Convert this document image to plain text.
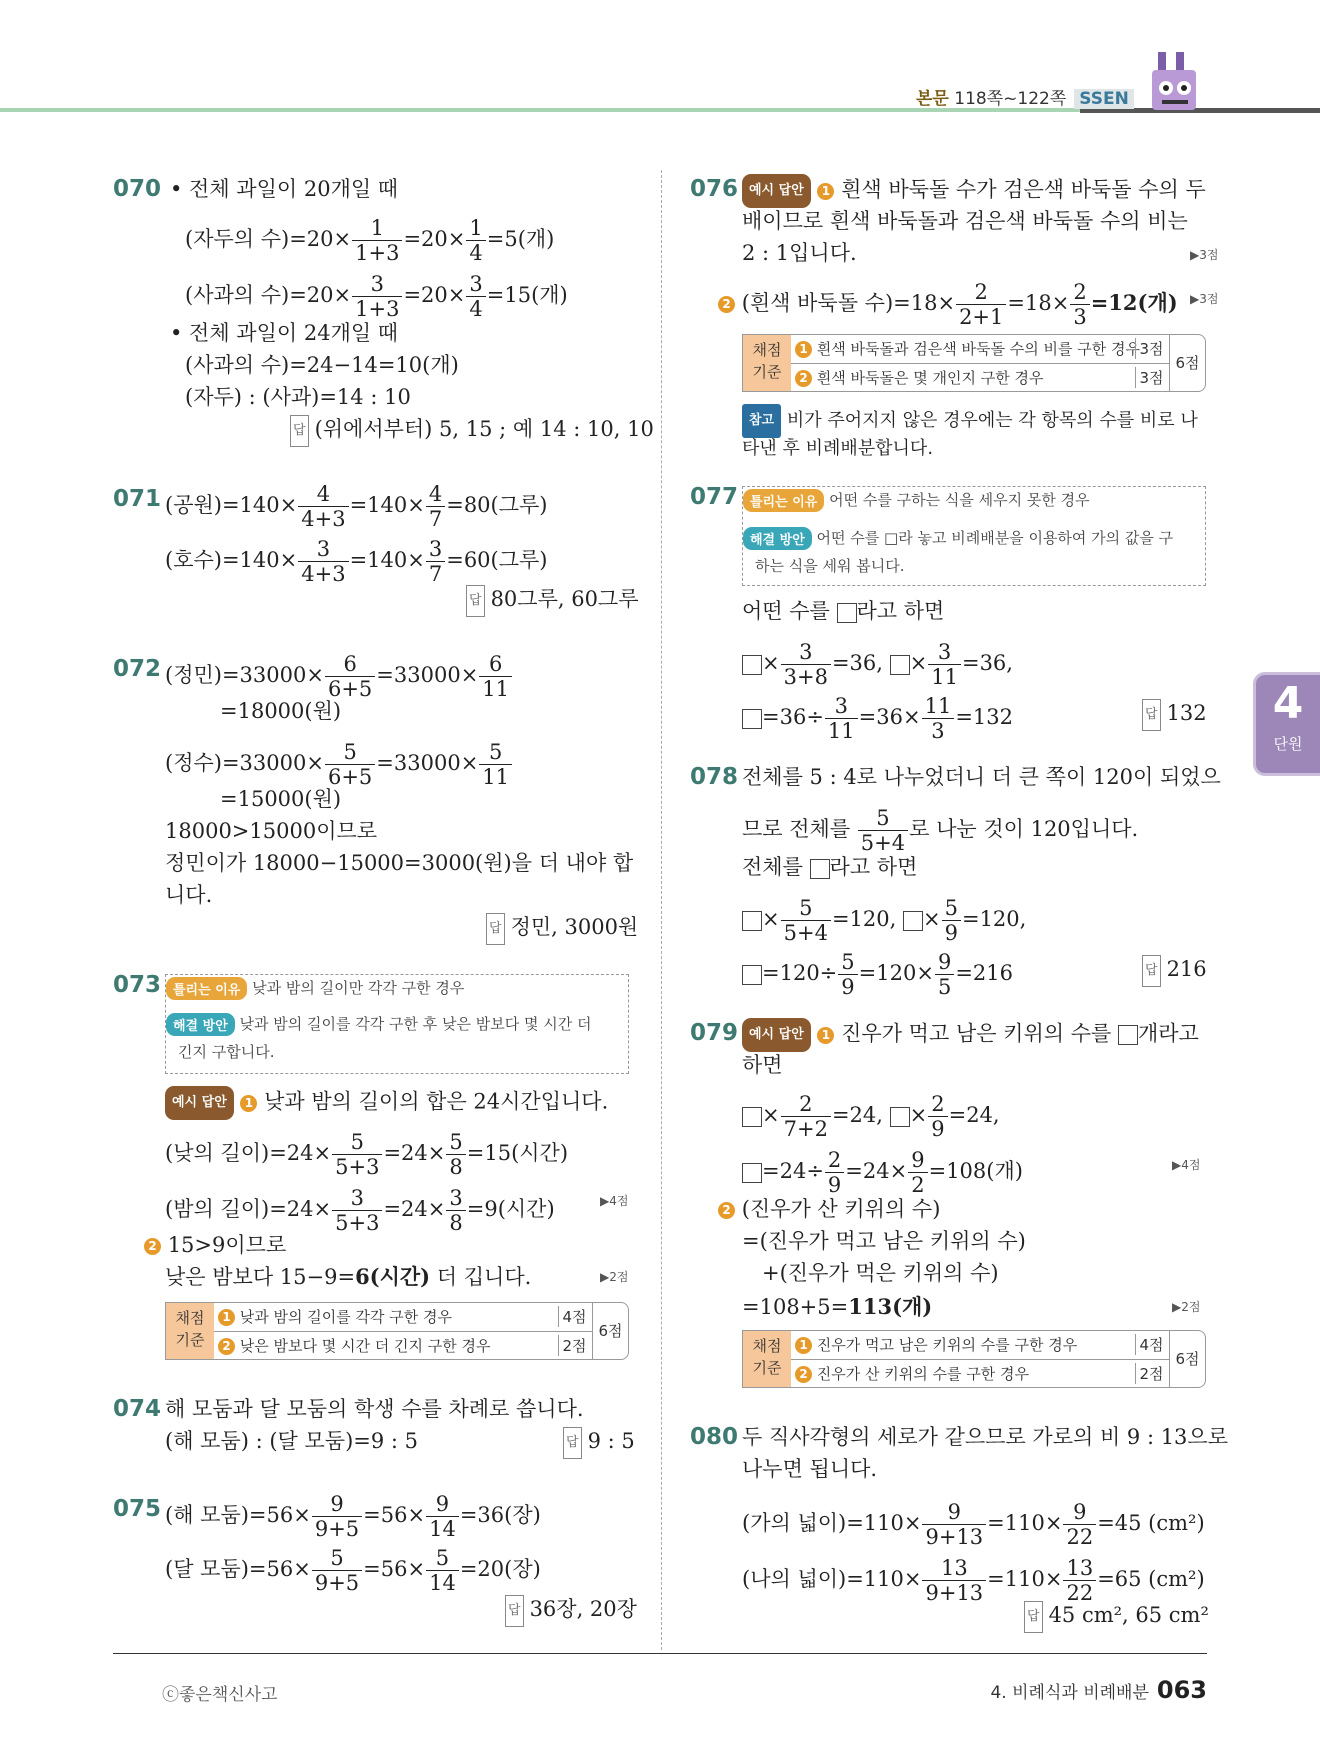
본문 118쪽~122쪽 SSEN
4
단원
070 • 전체 과일이 20개일 때
(자두의 수)$=20\times \frac{1}{1+3} =20\times \frac{1}{4} =5$(개)
(사과의 수)$=20\times \frac{3}{1+3} =20\times \frac{3}{4} =15$(개)
• 전체 과일이 24개일 때
(사과의 수)=24−14=10(개)
(자두) : (사과)=14 : 10
답 (위에서부터) 5, 15 ; 예 14 : 10, 10
071 (공원)$=140\times \frac{4}{4+3} =140\times \frac{4}{7} =80$(그루)
(호수)$=140\times \frac{3}{4+3} =140\times \frac{3}{7} =60$(그루)
답 80그루, 60그루
072 (정민)$=33000\times \frac{6}{6+5} =33000\times \frac{6}{11}$
=18000(원)
(정수)$=33000\times \frac{5}{6+5} =33000\times \frac{5}{11}$
=15000(원)
18000>15000이므로
정민이가 18000−15000=3000(원)을 더 내야 합
니다.
답 정민, 3000원
073 틀리는 이유 낮과 밤의 길이만 각각 구한 경우
해결 방안 낮과 밤의 길이를 각각 구한 후 낮은 밤보다 몇 시간 더
긴지 구합니다.
예시 답안 1 낮과 밤의 길이의 합은 24시간입니다.
(낮의 길이)$=24\times \frac{5}{5+3} =24\times \frac{5}{8} =15$(시간)
(밤의 길이)$=24\times \frac{3}{5+3} =24\times \frac{3}{8} =9$(시간)	▶4점
2 15>9이므로
낮은 밤보다 15−9=6(시간) 더 깁니다.	▶2점
채점 기준
1 낮과 밤의 길이를 각각 구한 경우	4점
2 낮은 밤보다 몇 시간 더 긴지 구한 경우	2점
6점
074 해 모둠과 달 모둠의 학생 수를 차례로 씁니다.
(해 모둠) : (달 모둠)=9 : 5	답 9 : 5
075 (해 모둠)$=56\times \frac{9}{9+5} =56\times \frac{9}{14} =36$(장)
(달 모둠)$=56\times \frac{5}{9+5} =56\times \frac{5}{14} =20$(장)
답 36장, 20장
076 예시 답안 1 흰색 바둑돌 수가 검은색 바둑돌 수의 두
배이므로 흰색 바둑돌과 검은색 바둑돌 수의 비는
2 : 1입니다.	▶3점
2 (흰색 바둑돌 수)$=18\times \frac{2}{2+1} =18\times \frac{2}{3} =12$(개) ▶3점
채점 기준
1 흰색 바둑돌과 검은색 바둑돌 수의 비를 구한 경우 3점
2 흰색 바둑돌은 몇 개인지 구한 경우	3점
6점
참고 비가 주어지지 않은 경우에는 각 항목의 수를 비로 나
타낸 후 비례배분합니다.
077 틀리는 이유 어떤 수를 구하는 식을 세우지 못한 경우
해결 방안 어떤 수를 □라 놓고 비례배분을 이용하여 가의 값을 구
하는 식을 세워 봅니다.
어떤 수를 라고 하면
× $\frac{3}{3+8} =36$, × $\frac{3}{11} =36$,
$=36\div \frac{3}{11} =36\times \frac{11}{3} =132$	답 132
078 전체를 5 : 4로 나누었더니 더 큰 쪽이 120이 되었으
므로 전체를 $\frac{5}{5+4}$ 로 나눈 것이 120입니다.
전체를 라고 하면
× $\frac{5}{5+4} =120$, × $\frac{5}{9} =120$,
$=120\div \frac{5}{9} =120\times \frac{9}{5} =216$	답 216
079 예시 답안 1 진우가 먹고 남은 키위의 수를 개라고
하면
× $\frac{2}{7+2} =24$, × $\frac{2}{9} =24$,
$=24\div \frac{2}{9} =24\times \frac{9}{2} =108$(개)	▶4점
2 (진우가 산 키위의 수)
=(진우가 먹고 남은 키위의 수)
+(진우가 먹은 키위의 수)
=108+5=113(개)	▶2점
채점 기준
1 진우가 먹고 남은 키위의 수를 구한 경우	4점
2 진우가 산 키위의 수를 구한 경우	2점
6점
080 두 직사각형의 세로가 같으므로 가로의 비 9 : 13으로
나누면 됩니다.
(가의 넓이)$=110\times \frac{9}{9+13} =110\times \frac{9}{22} =45$ (cm²)
(나의 넓이)$=110\times \frac{13}{9+13} =110\times \frac{13}{22} =65$ (cm²)
답 45 cm², 65 cm²
ⓒ좋은책신사고	4. 비례식과 비례배분 063
